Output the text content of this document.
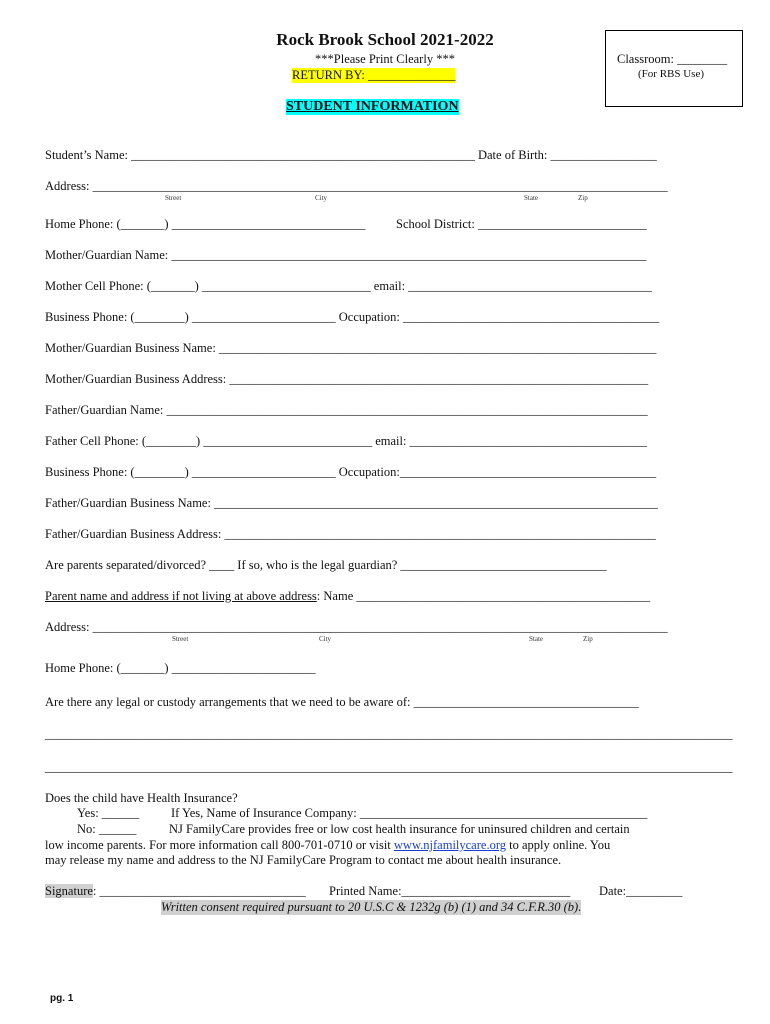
Rock Brook School 2021-2022
***Please Print Clearly ***
RETURN BY: ______________
STUDENT INFORMATION
Classroom: ________
(For RBS Use)
Student’s Name: _______________________________________________________ Date of Birth: _________________
Address: ____________________________________________________________________________________________
Street	City	State	Zip
Home Phone: (_______) _______________________________ School District: ___________________________
Mother/Guardian Name: ____________________________________________________________________________
Mother Cell Phone: (_______) ___________________________ email: _______________________________________
Business Phone: (________) _______________________ Occupation: _________________________________________
Mother/Guardian Business Name: ______________________________________________________________________
Mother/Guardian Business Address: ___________________________________________________________________
Father/Guardian Name: _____________________________________________________________________________
Father Cell Phone: (________) ___________________________ email: ______________________________________
Business Phone: (________) _______________________ Occupation:_________________________________________
Father/Guardian Business Name: _______________________________________________________________________
Father/Guardian Business Address: _____________________________________________________________________
Are parents separated/divorced? ____ If so, who is the legal guardian? _________________________________
Parent name and address if not living at above address: Name _______________________________________________
Address: ____________________________________________________________________________________________
Street	City	State	Zip
Home Phone: (_______) _______________________
Are there any legal or custody arrangements that we need to be aware of: ____________________________________
______________________________________________________________________________________________________________
______________________________________________________________________________________________________________
Does the child have Health Insurance?
Yes: ______	If Yes, Name of Insurance Company: ______________________________________________
No: ______	NJ FamilyCare provides free or low cost health insurance for uninsured children and certain
low income parents. For more information call 800-701-0710 or visit www.njfamilycare.org to apply online. You
may release my name and address to the NJ FamilyCare Program to contact me about health insurance.
Signature: _________________________________ Printed Name:___________________________ Date:_________
Written consent required pursuant to 20 U.S.C & 1232g (b) (1) and 34 C.F.R.30 (b).
pg. 1
